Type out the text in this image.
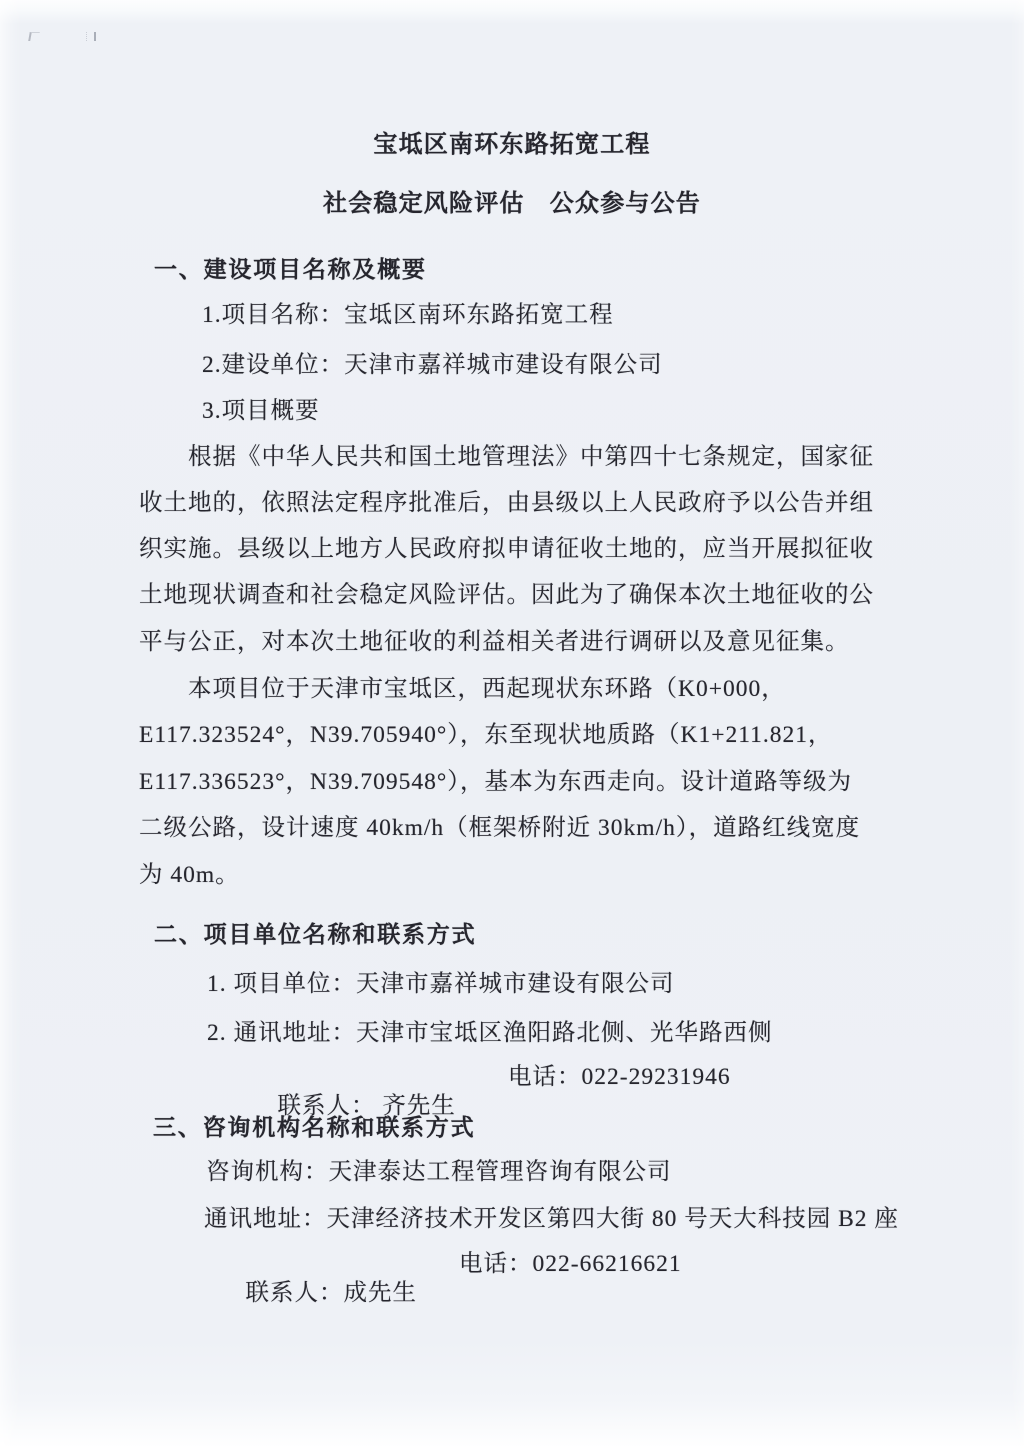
宝坻区南环东路拓宽工程
社会稳定风险评估　公众参与公告
一、建设项目名称及概要
1.项目名称：宝坻区南环东路拓宽工程
2.建设单位：天津市嘉祥城市建设有限公司
3.项目概要
根据《中华人民共和国土地管理法》中第四十七条规定，国家征
收土地的，依照法定程序批准后，由县级以上人民政府予以公告并组
织实施。县级以上地方人民政府拟申请征收土地的，应当开展拟征收
土地现状调查和社会稳定风险评估。因此为了确保本次土地征收的公
平与公正，对本次土地征收的利益相关者进行调研以及意见征集。
本项目位于天津市宝坻区，西起现状东环路（K0+000，
E117.323524°，N39.705940°），东至现状地质路（K1+211.821，
E117.336523°，N39.709548°），基本为东西走向。设计道路等级为
二级公路，设计速度 40km/h（框架桥附近 30km/h），道路红线宽度
为 40m。
二、项目单位名称和联系方式
1. 项目单位：天津市嘉祥城市建设有限公司
2. 通讯地址：天津市宝坻区渔阳路北侧、光华路西侧

联系人： 齐先生

电话：022-29231946

三、咨询机构名称和联系方式
咨询机构：天津泰达工程管理咨询有限公司
通讯地址：天津经济技术开发区第四大街 80 号天大科技园 B2 座

联系人：成先生

电话：022-66216621
